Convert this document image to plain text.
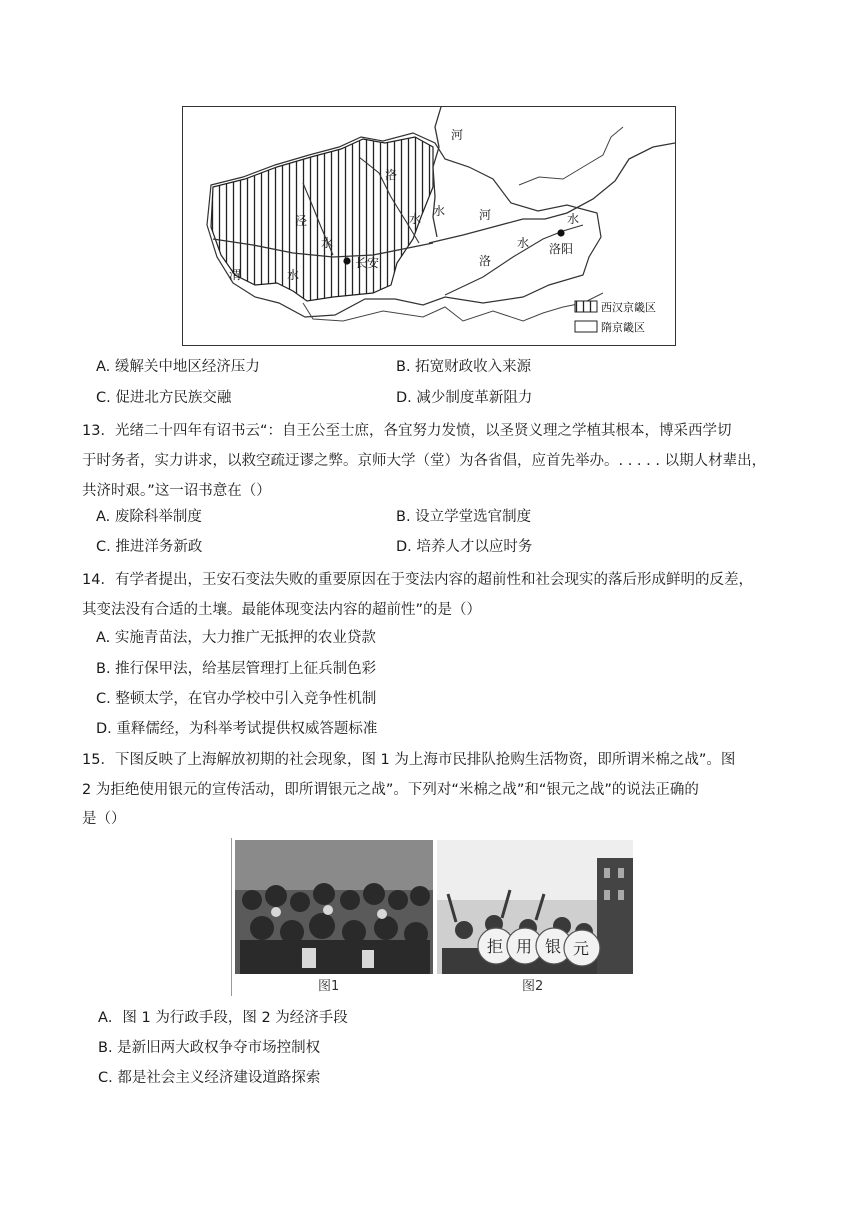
河
洛
泾	水
水
水
河	水
水
洛
长安
洛阳
渭	水
西汉京畿区
隋京畿区
A. 缓解关中地区经济压力	B. 拓宽财政收入来源
C. 促进北方民族交融	D. 减少制度革新阻力
13．光绪二十四年有诏书云“：自王公至士庶，各宜努力发愤，以圣贤义理之学植其根本，博采西学切
于时务者，实力讲求，以救空疏迂谬之弊。京师大学（堂）为各省倡，应首先举办。. . . . . 以期人材辈出，
共济时艰。”这一诏书意在（）
A. 废除科举制度	B. 设立学堂选官制度
C. 推进洋务新政	D. 培养人才以应时务
14．有学者提出，王安石变法失败的重要原因在于变法内容的超前性和社会现实的落后形成鲜明的反差，
其变法没有合适的土壤。最能体现变法内容的超前性”的是（）
A. 实施青苗法，大力推广无抵押的农业贷款
B. 推行保甲法，给基层管理打上征兵制色彩
C. 整顿太学，在官办学校中引入竞争性机制
D. 重释儒经，为科举考试提供权威答题标准
15．下图反映了上海解放初期的社会现象，图 1 为上海市民排队抢购生活物资，即所谓米棉之战”。图
2 为拒绝使用银元的宣传活动，即所谓银元之战”。下列对“米棉之战”和“银元之战”的说法正确的
是（）
拒 用 银 元
图1	图2
A．图 1 为行政手段，图 2 为经济手段
B. 是新旧两大政权争夺市场控制权
C. 都是社会主义经济建设道路探索
